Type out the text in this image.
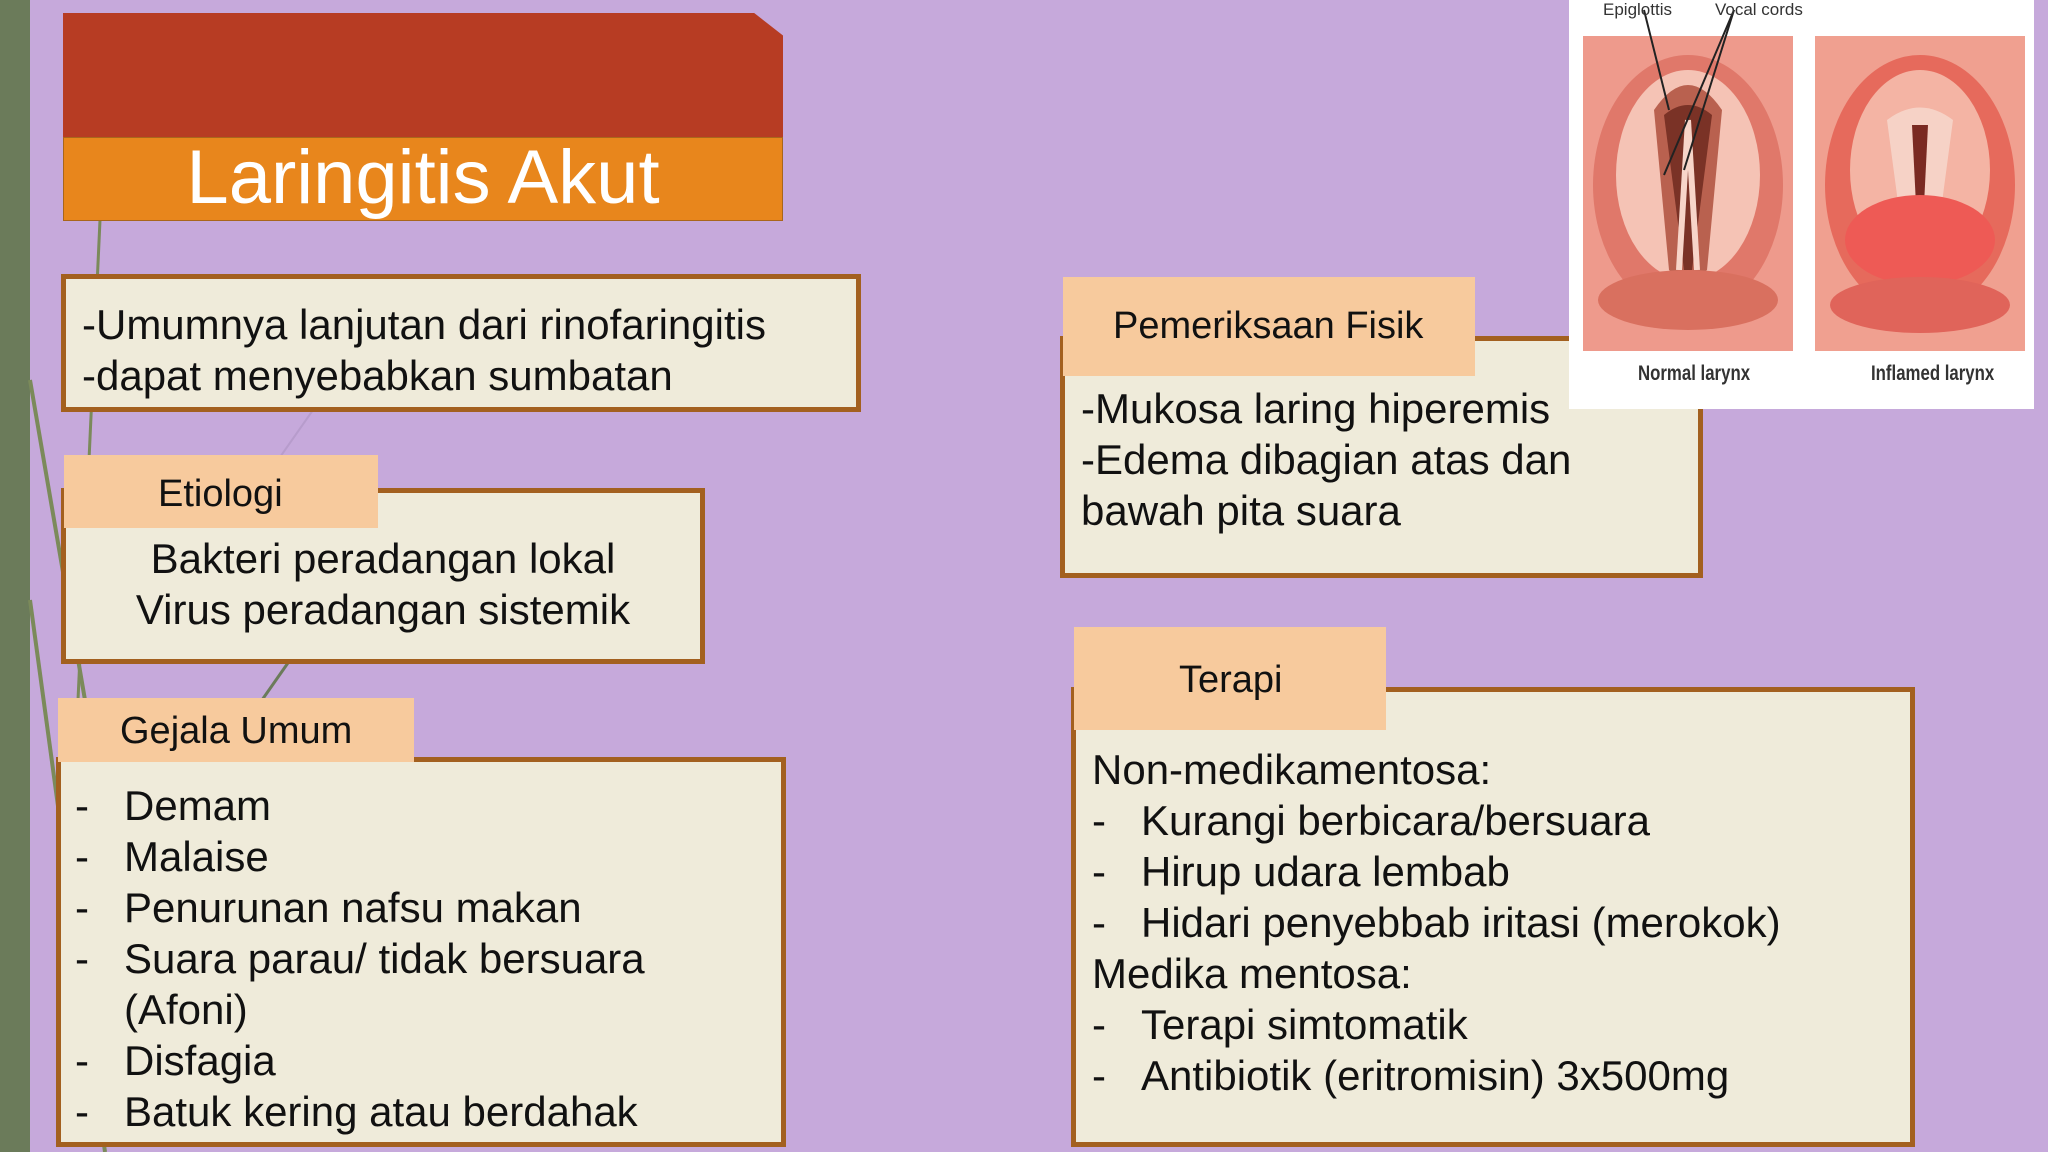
Laringitis Akut
-Umumnya lanjutan dari rinofaringitis
-dapat menyebabkan sumbatan
Bakteri peradangan lokal
Virus peradangan sistemik
Etiologi
- Demam
- Malaise
- Penurunan nafsu makan
- Suara parau/ tidak bersuara
(Afoni)
- Disfagia
- Batuk kering atau berdahak
Gejala Umum
-Mukosa laring hiperemis
-Edema dibagian atas dan
bawah pita suara
Pemeriksaan Fisik
Non-medikamentosa:
- Kurangi berbicara/bersuara
- Hirup udara lembab
- Hidari penyebbab iritasi (merokok)
Medika mentosa:
- Terapi simtomatik
- Antibiotik (eritromisin) 3x500mg
Terapi
Epiglottis	Vocal cords
Normal larynx	Inflamed larynx
